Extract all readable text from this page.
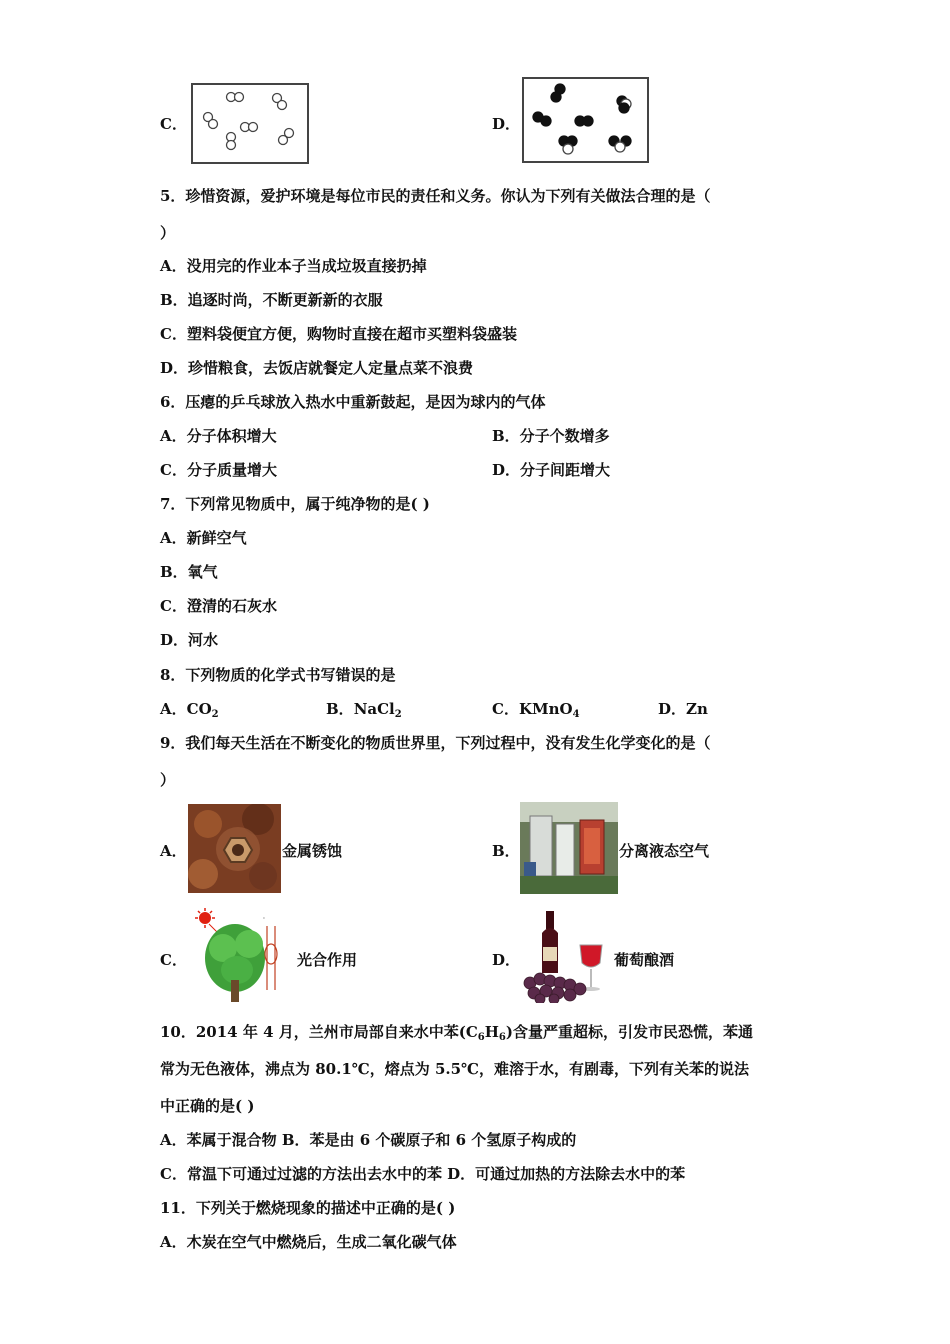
C．	D．
5．珍惜资源，爱护环境是每位市民的责任和义务。你认为下列有关做法合理的是（
）
A．没用完的作业本子当成垃圾直接扔掉
B．追逐时尚，不断更新新的衣服
C．塑料袋便宜方便，购物时直接在超市买塑料袋盛装
D．珍惜粮食，去饭店就餐定人定量点菜不浪费
6．压瘪的乒乓球放入热水中重新鼓起，是因为球内的气体
A．分子体积增大	B．分子个数增多
C．分子质量增大	D．分子间距增大
7．下列常见物质中，属于纯净物的是( )
A．新鲜空气
B．氧气
C．澄清的石灰水
D．河水
8．下列物质的化学式书写错误的是
A．$CO_2$	B．NaCl$_2$	C．KMnO$_4$	D．Zn
9．我们每天生活在不断变化的物质世界里，下列过程中，没有发生化学变化的是（
）
A．	金属锈蚀	B．	分离液态空气
C．
·
光合作用	D．	葡萄酿酒
10．2014 年 4 月，兰州市局部自来水中苯$(C_6H_6)$含量严重超标，引发市民恐慌，苯通
常为无色液体，沸点为 80.1℃，熔点为 5.5℃，难溶于水，有剧毒，下列有关苯的说法
中正确的是( )
A．苯属于混合物 B．苯是由 6 个碳原子和 6 个氢原子构成的
C．常温下可通过过滤的方法出去水中的苯 D．可通过加热的方法除去水中的苯
11．下列关于燃烧现象的描述中正确的是( )
A．木炭在空气中燃烧后，生成二氧化碳气体
